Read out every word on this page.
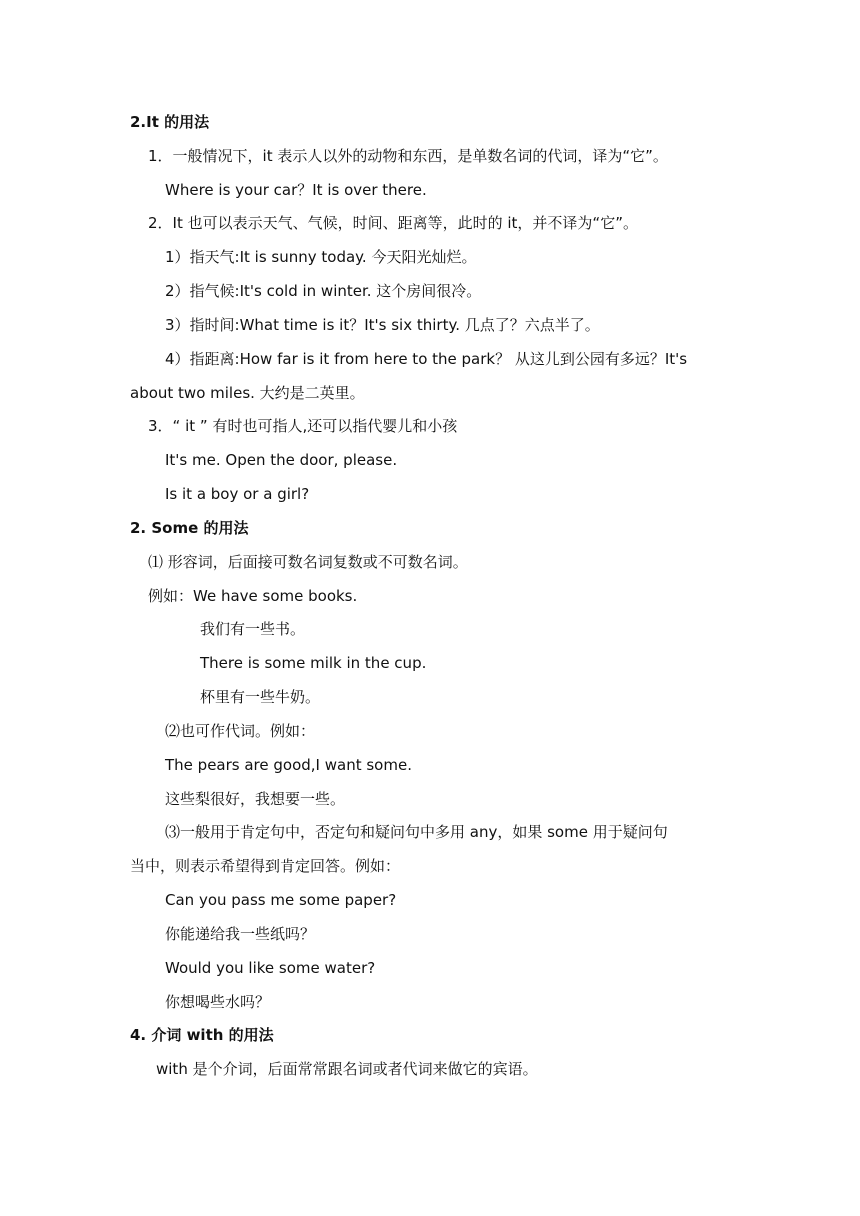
2.It 的用法
1．一般情况下，it 表示人以外的动物和东西，是单数名词的代词，译为“它”。
Where is your car？It is over there.
2．It 也可以表示天气、气候，时间、距离等，此时的 it，并不译为“它”。
1）指天气:It is sunny today. 今天阳光灿烂。
2）指气候:It's cold in winter. 这个房间很冷。
3）指时间:What time is it？It's six thirty. 几点了？六点半了。
4）指距离:How far is it from here to the park？ 从这儿到公园有多远？It's
about two miles. 大约是二英里。
3．“ it ” 有时也可指人,还可以指代婴儿和小孩
It's me. Open the door, please.
Is it a boy or a girl?
2. Some 的用法
⑴ 形容词，后面接可数名词复数或不可数名词。
例如：We have some books.
我们有一些书。
There is some milk in the cup.
杯里有一些牛奶。
⑵也可作代词。例如：
The pears are good,I want some.
这些梨很好，我想要一些。
⑶一般用于肯定句中，否定句和疑问句中多用 any，如果 some 用于疑问句
当中，则表示希望得到肯定回答。例如：
Can you pass me some paper?
你能递给我一些纸吗？
Would you like some water?
你想喝些水吗？
4. 介词 with 的用法
with 是个介词，后面常常跟名词或者代词来做它的宾语。
